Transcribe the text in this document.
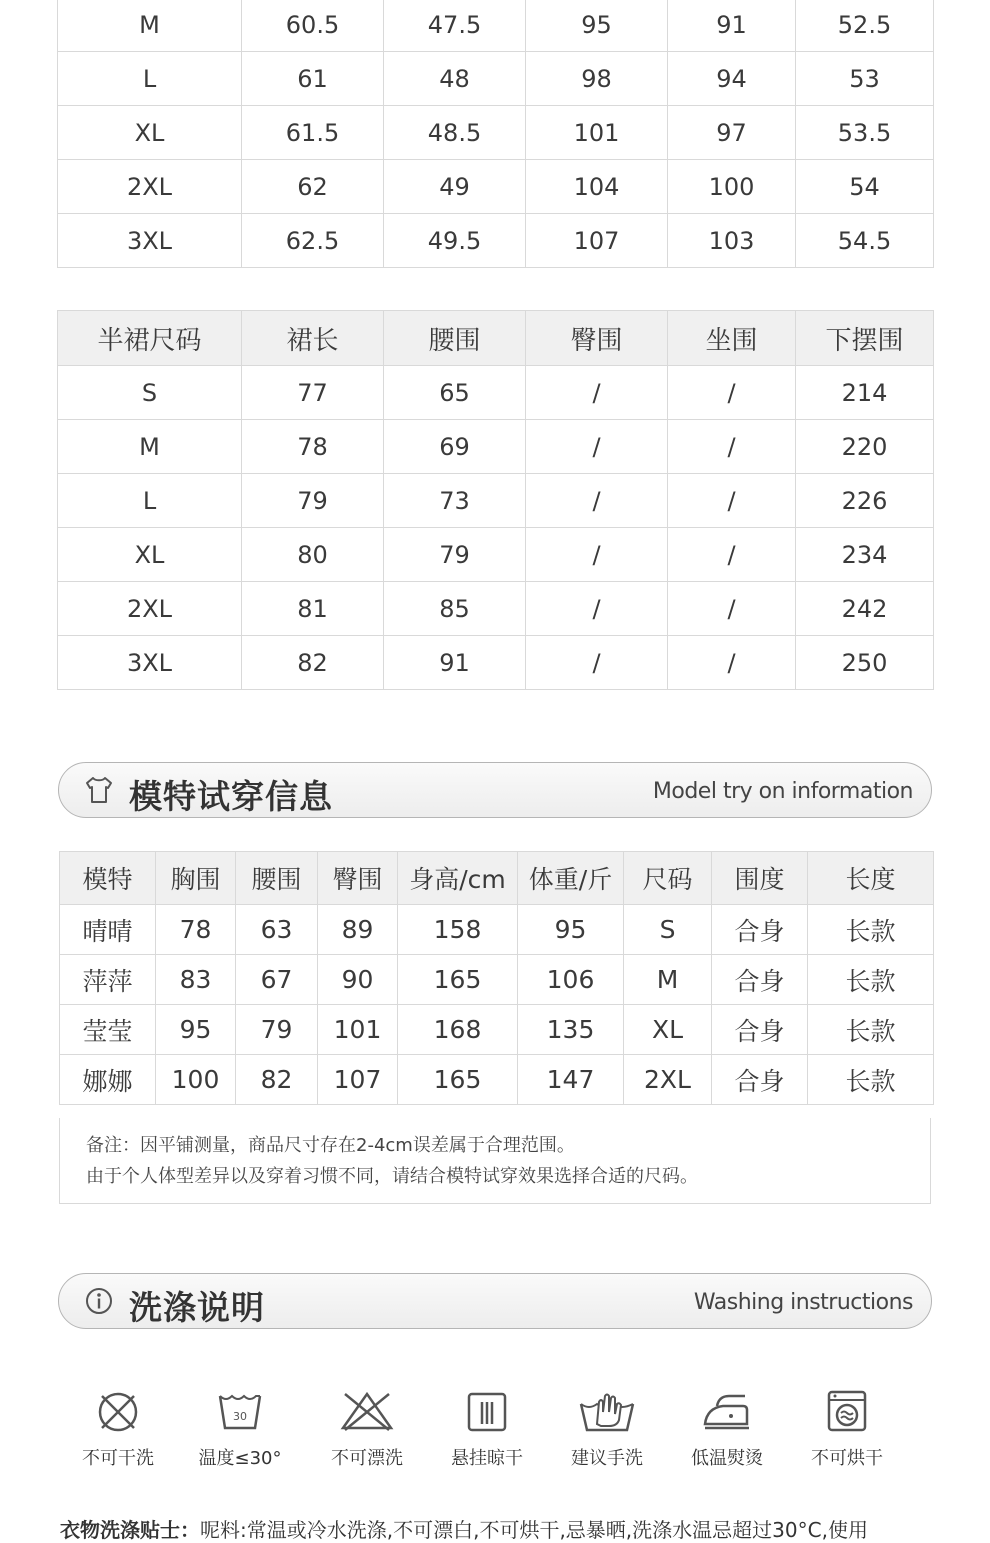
M	60.5	47.5	95	91	52.5
L	61	48	98	94	53
XL	61.5	48.5	101	97	53.5
2XL	62	49	104	100	54
3XL	62.5	49.5	107	103	54.5
半裙尺码	裙长	腰围	臀围	坐围	下摆围
S	77	65	/	/	214
M	78	69	/	/	220
L	79	73	/	/	226
XL	80	79	/	/	234
2XL	81	85	/	/	242
3XL	82	91	/	/	250
模特试穿信息	Model try on information
模特	胸围	腰围	臀围	身高/cm	体重/斤	尺码	围度	长度
晴晴	78	63	89	158	95	S	合身	长款
萍萍	83	67	90	165	106	M	合身	长款
莹莹	95	79	101	168	135	XL	合身	长款
娜娜	100	82	107	165	147	2XL	合身	长款
备注：因平铺测量，商品尺寸存在2-4cm误差属于合理范围。
由于个人体型差异以及穿着习惯不同，请结合模特试穿效果选择合适的尺码。
洗涤说明	Washing instructions
不可干洗
30
温度≤30°	不可漂洗	悬挂晾干	建议手洗	低温熨烫	不可烘干
衣物洗涤贴士：呢料:常温或冷水洗涤,不可漂白,不可烘干,忌暴晒,洗涤水温忌超过30°C,使用
